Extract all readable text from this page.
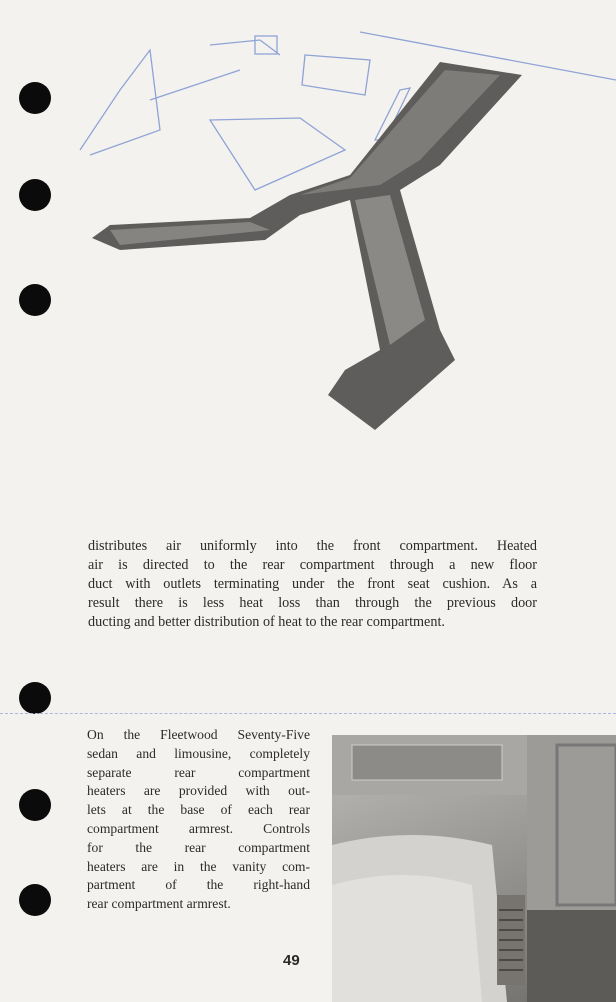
distributes air uniformly into the front compartment. Heated
air is directed to the rear compartment through a new floor
duct with outlets terminating under the front seat cushion. As a
result there is less heat loss than through the previous door
ducting and better distribution of heat to the rear compartment.
On the Fleetwood Seventy-Five
sedan and limousine, completely
separate rear compartment
heaters are provided with out-
lets at the base of each rear
compartment armrest. Controls
for the rear compartment
heaters are in the vanity com-
partment of the right-hand
rear compartment armrest.
49
